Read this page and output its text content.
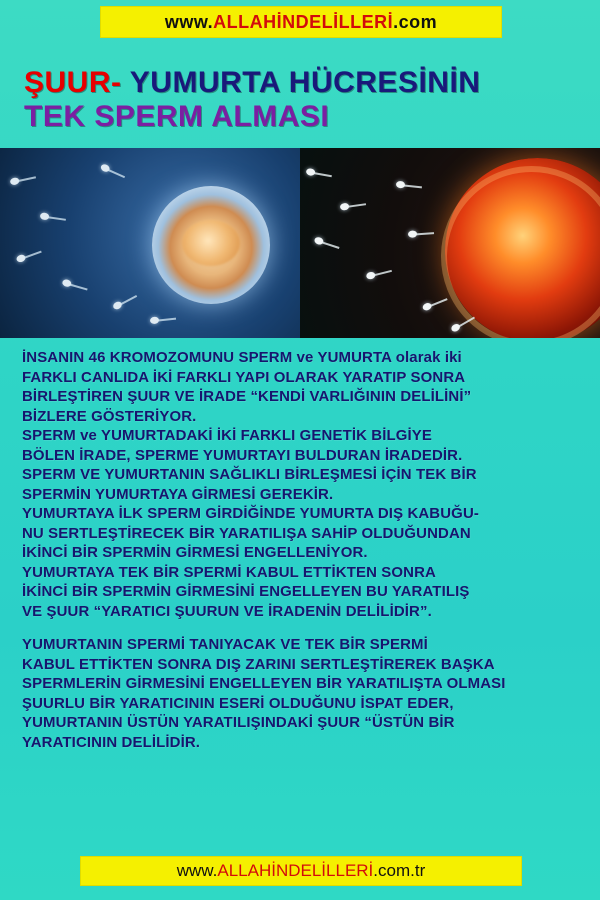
www.ALLAHİNDELİLLERİ.com
ŞUUR- YUMURTA HÜCRESİNİN
TEK SPERM ALMASI
İNSANIN 46 KROMOZOMUNU SPERM ve YUMURTA olarak iki
FARKLI CANLIDA İKİ FARKLI YAPI OLARAK YARATIP SONRA
BİRLEŞTİREN ŞUUR VE İRADE “KENDİ VARLIĞININ DELİLİNİ”
BİZLERE GÖSTERİYOR.
SPERM ve YUMURTADAKİ İKİ FARKLI GENETİK BİLGİYE
BÖLEN İRADE, SPERME YUMURTAYI BULDURAN İRADEDİR.
SPERM VE YUMURTANIN SAĞLIKLI BİRLEŞMESİ İÇİN TEK BİR
SPERMİN YUMURTAYA GİRMESİ GEREKİR.
YUMURTAYA İLK SPERM GİRDİĞİNDE YUMURTA DIŞ KABUĞU-
NU SERTLEŞTİRECEK BİR YARATILIŞA SAHİP OLDUĞUNDAN
İKİNCİ BİR SPERMİN GİRMESİ ENGELLENİYOR.
YUMURTAYA TEK BİR SPERMİ KABUL ETTİKTEN SONRA
İKİNCİ BİR SPERMİN GİRMESİNİ ENGELLEYEN BU YARATILIŞ
VE ŞUUR “YARATICI ŞUURUN VE İRADENİN DELİLİDİR”.
YUMURTANIN SPERMİ TANIYACAK VE TEK BİR SPERMİ
KABUL ETTİKTEN SONRA DIŞ ZARINI SERTLEŞTİREREK BAŞKA
SPERMLERİN GİRMESİNİ ENGELLEYEN BİR YARATILIŞTA OLMASI
ŞUURLU BİR YARATICININ ESERİ OLDUĞUNU İSPAT EDER,
YUMURTANIN ÜSTÜN YARATILIŞINDAKİ ŞUUR “ÜSTÜN BİR
YARATICININ DELİLİDİR.
www.ALLAHİNDELİLLERİ.com.tr
